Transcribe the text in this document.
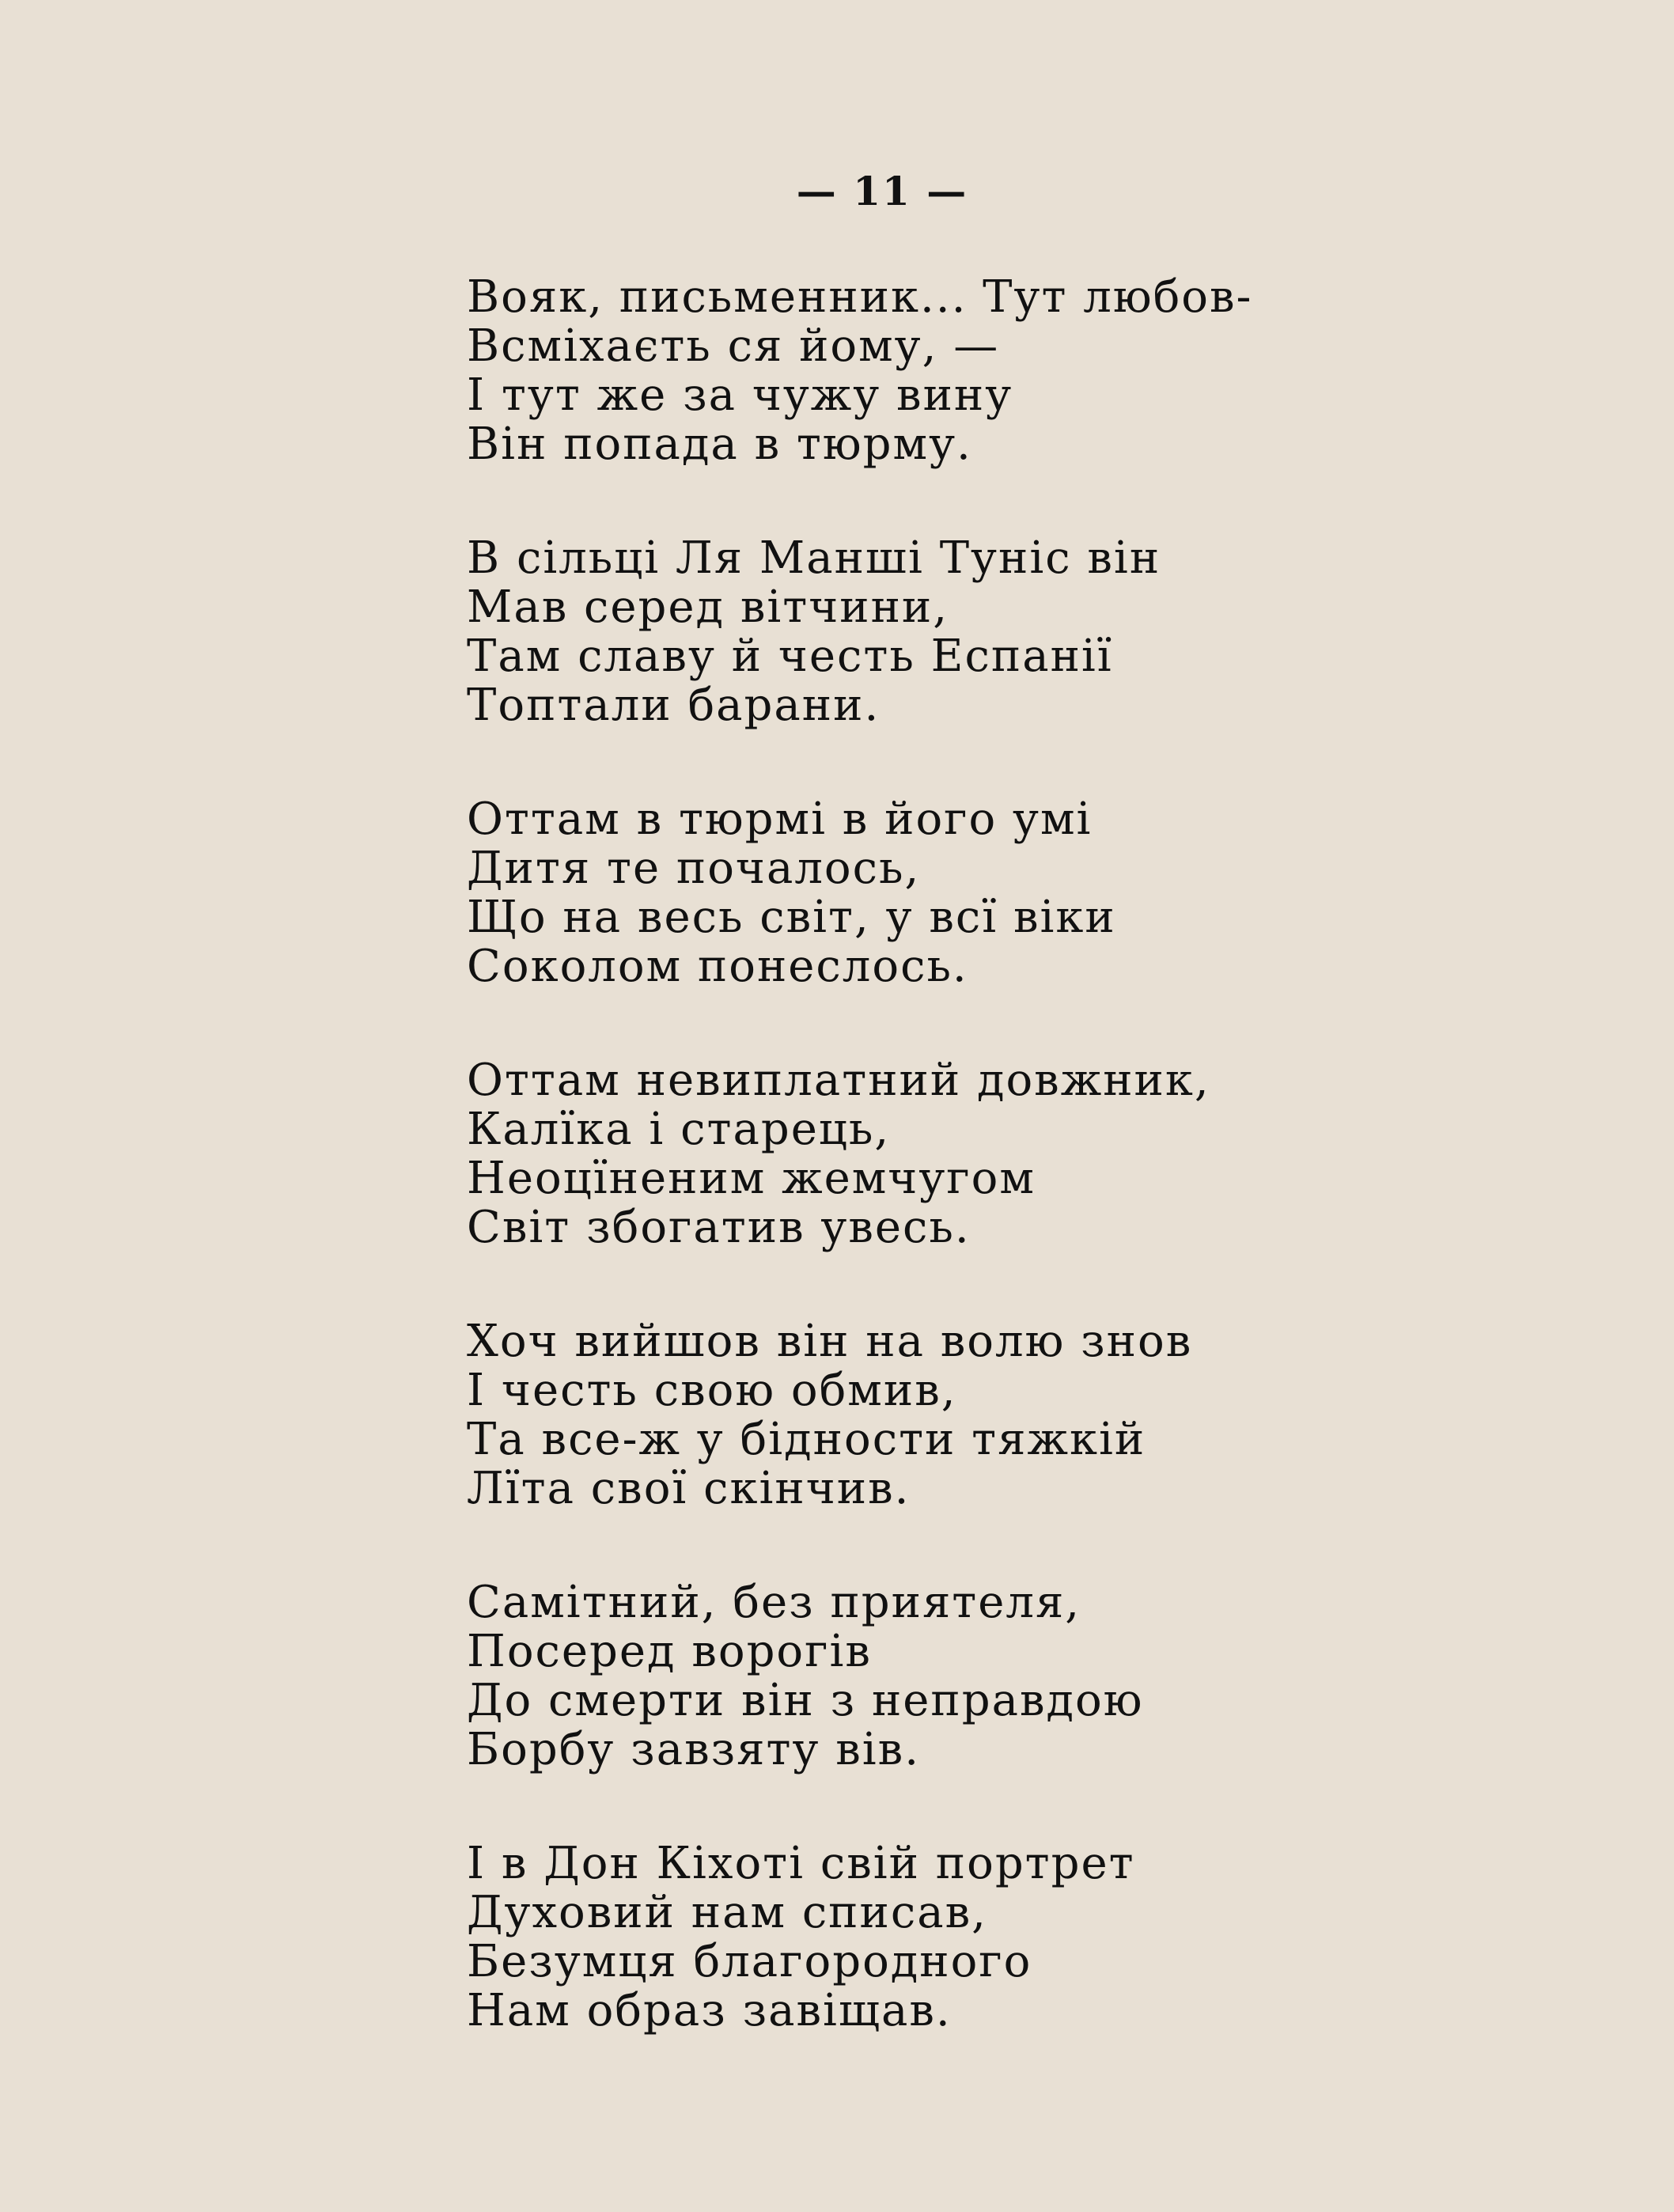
— 11 —
Вояк, письменник... Тут любов-
Всміхаєть ся йому, —
І тут же за чужу вину
Він попада в тюрму.
В сільці Ля Манші Туніс він
Мав серед вітчини,
Там славу й честь Еспанії
Топтали барани.
Оттам в тюрмі в його умі
Дитя те почалось,
Що на весь світ, у всї віки
Соколом понеслось.
Оттам невиплатний довжник,
Калїка і старець,
Неоцїненим жемчугом
Світ збогатив увесь.
Хоч вийшов він на волю знов
І честь свою обмив,
Та все-ж у бідности тяжкій
Лїта свої скінчив.
Самітний, без приятеля,
Посеред ворогів
До смерти він з неправдою
Борбу завзяту вів.
І в Дон Кіхоті свій портрет
Духовий нам списав,
Безумця благородного
Нам образ завіщав.
